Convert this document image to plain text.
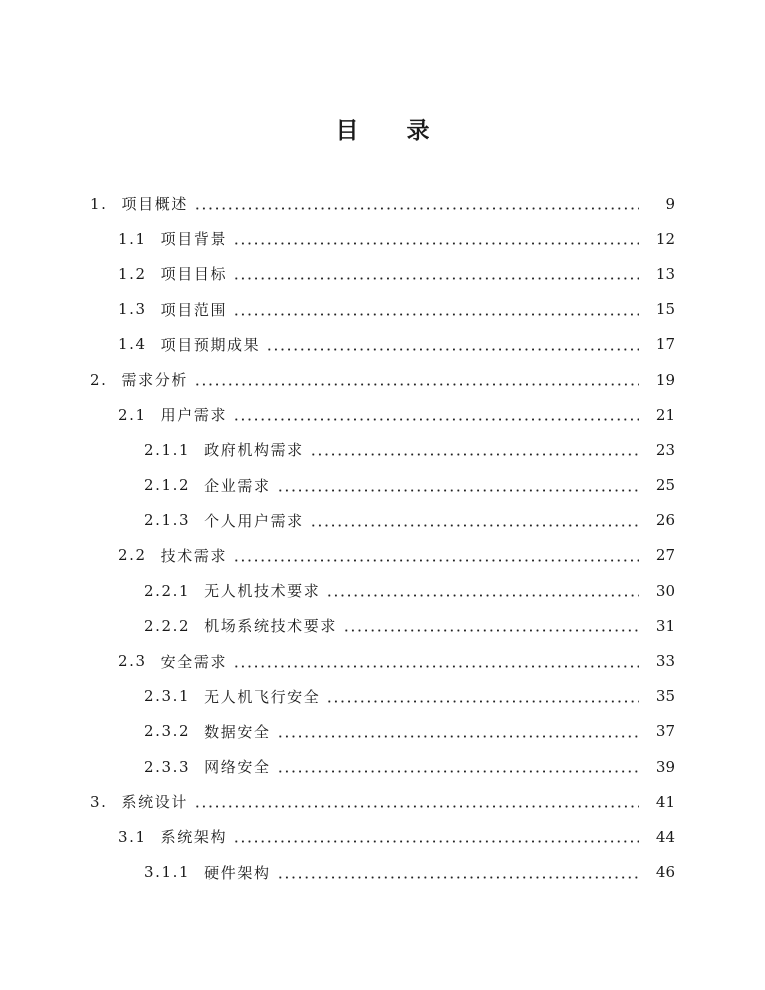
目 录
1. 项目概述	9
1.1 项目背景	12
1.2 项目目标	13
1.3 项目范围	15
1.4 项目预期成果	17
2. 需求分析	19
2.1 用户需求	21
2.1.1 政府机构需求	23
2.1.2 企业需求	25
2.1.3 个人用户需求	26
2.2 技术需求	27
2.2.1 无人机技术要求	30
2.2.2 机场系统技术要求	31
2.3 安全需求	33
2.3.1 无人机飞行安全	35
2.3.2 数据安全	37
2.3.3 网络安全	39
3. 系统设计	41
3.1 系统架构	44
3.1.1 硬件架构	46
